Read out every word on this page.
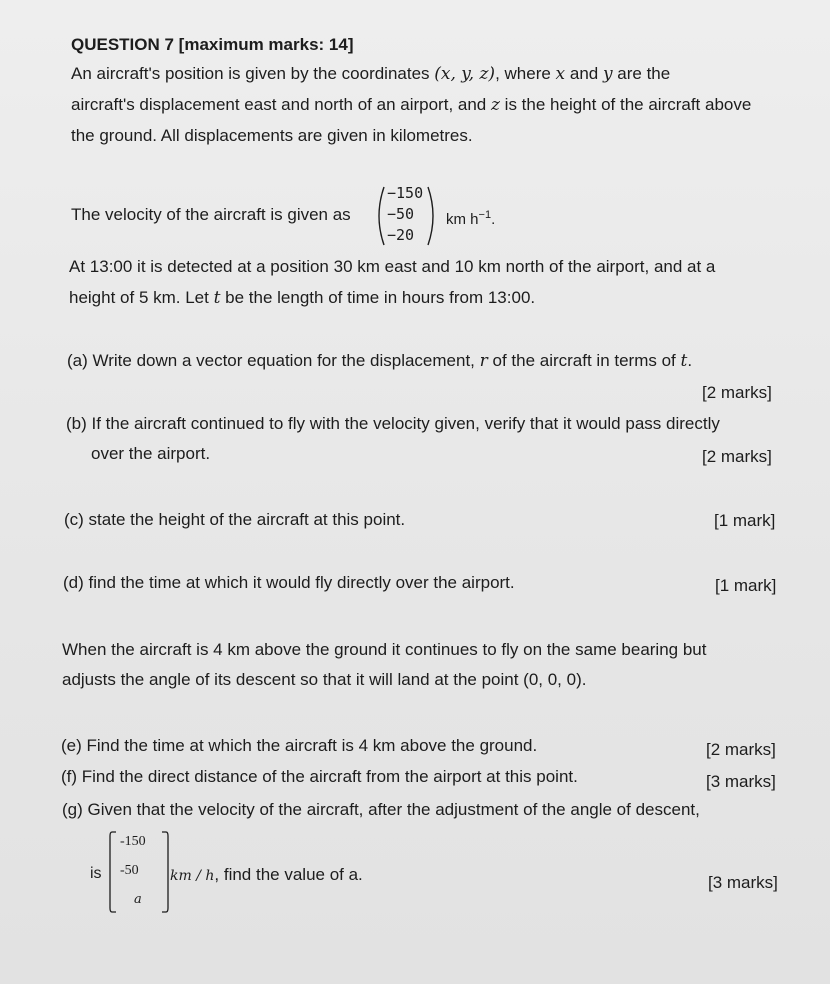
QUESTION 7 [maximum marks: 14]
An aircraft's position is given by the coordinates (x, y, z), where x and y are the
aircraft's displacement east and north of an airport, and z is the height of the aircraft above
the ground. All displacements are given in kilometres.
The velocity of the aircraft is given as
−150
−50
−20
km $h^{-1}$.
At 13:00 it is detected at a position 30 km east and 10 km north of the airport, and at a
height of 5 km. Let t be the length of time in hours from 13:00.
(a) Write down a vector equation for the displacement, r of the aircraft in terms of t.
[2 marks]
(b) If the aircraft continued to fly with the velocity given, verify that it would pass directly
over the airport.	[2 marks]
(c) state the height of the aircraft at this point.	[1 mark]
(d) find the time at which it would fly directly over the airport.	[1 mark]
When the aircraft is 4 km above the ground it continues to fly on the same bearing but
adjusts the angle of its descent so that it will land at the point (0, 0, 0).
(e) Find the time at which the aircraft is 4 km above the ground.	[2 marks]
(f) Find the direct distance of the aircraft from the airport at this point.	[3 marks]
(g) Given that the velocity of the aircraft, after the adjustment of the angle of descent,
is
-150
-50
a
km / h, find the value of a.	[3 marks]
